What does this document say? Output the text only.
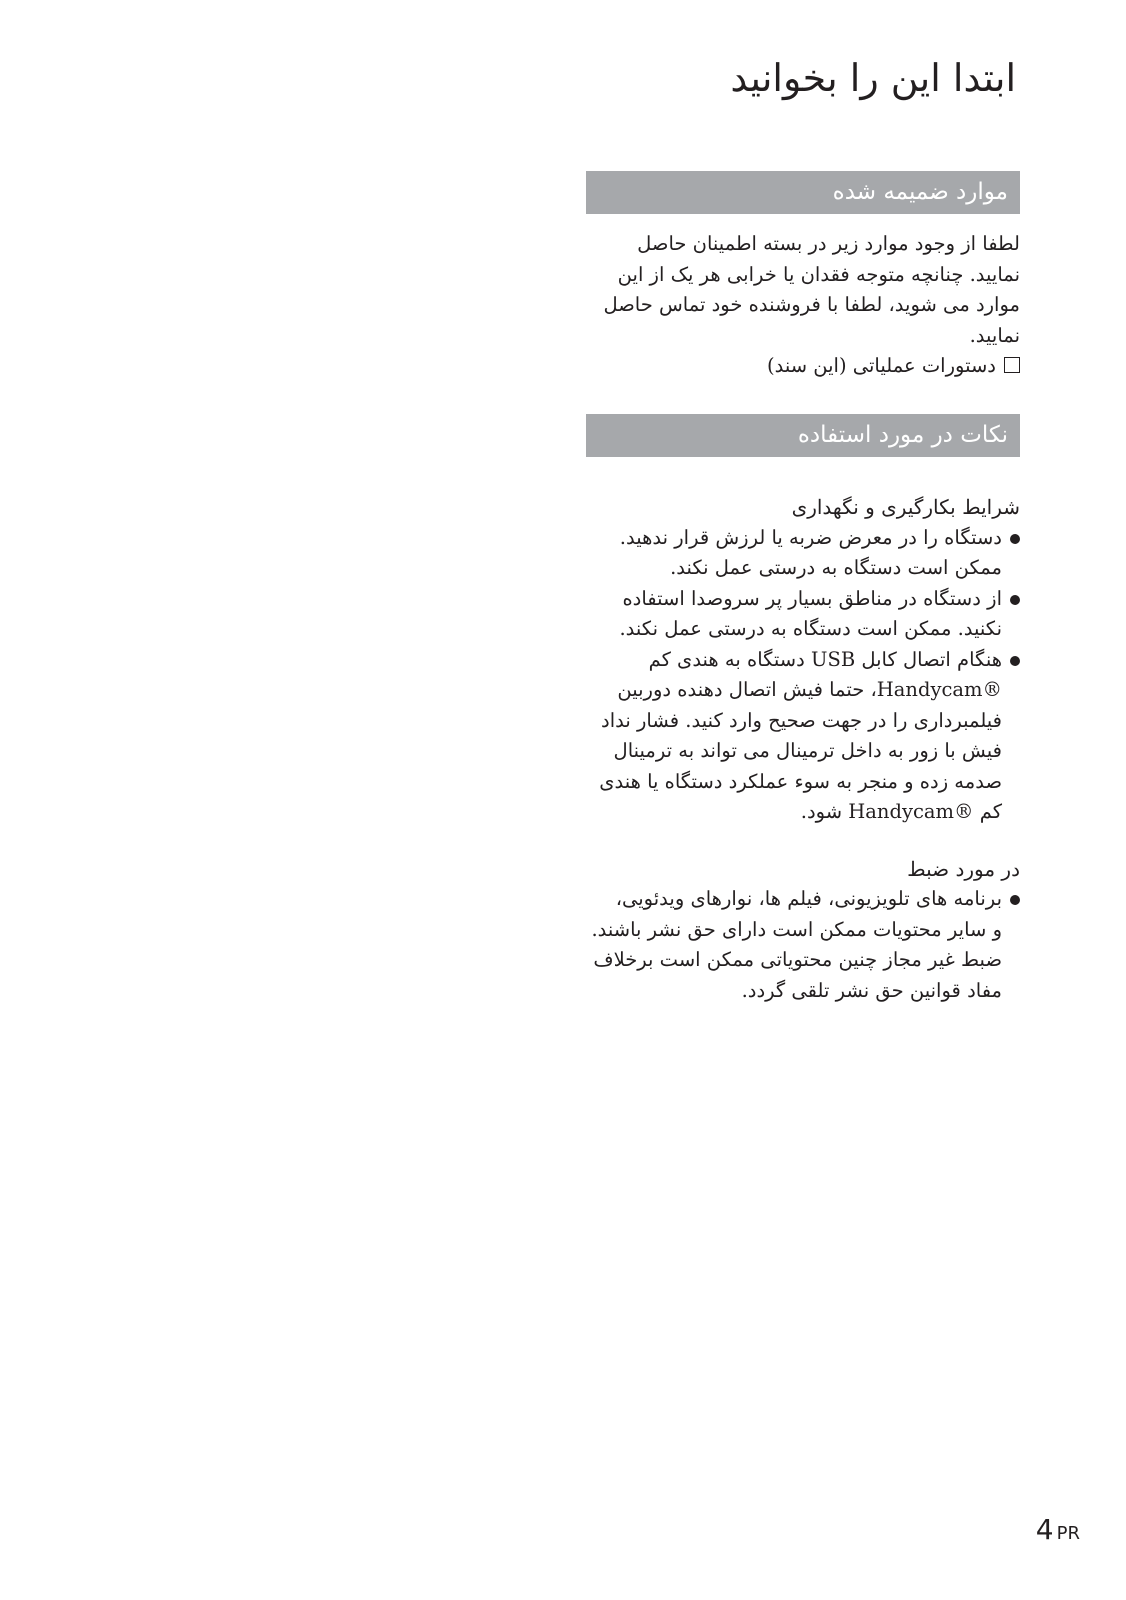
ابتدا این را بخوانید
موارد ضمیمه شده
لطفا از وجود موارد زیر در بسته اطمینان حاصل
نمایید. چنانچه متوجه فقدان یا خرابی هر یک از این
موارد می شوید، لطفا با فروشنده خود تماس حاصل
نمایید.
دستورات عملیاتی (این سند)
نکات در مورد استفاده
شرایط بکارگیری و نگهداری
دستگاه را در معرض ضربه یا لرزش قرار ندهید.
ممکن است دستگاه به درستی عمل نکند.
از دستگاه در مناطق بسیار پر سروصدا استفاده
نکنید. ممکن است دستگاه به درستی عمل نکند.
هنگام اتصال کابل USB دستگاه به هندی کم
®Handycam، حتما فیش اتصال دهنده دوربین
فیلمبرداری را در جهت صحیح وارد کنید. فشار نداد
فیش با زور به داخل ترمینال می تواند به ترمینال
صدمه زده و منجر به سوء عملکرد دستگاه یا هندی
کم ®Handycam شود.
در مورد ضبط
برنامه های تلویزیونی، فیلم ها، نوارهای ویدئویی،
و سایر محتویات ممکن است دارای حق نشر باشند.
ضبط غیر مجاز چنین محتویاتی ممکن است برخلاف
مفاد قوانین حق نشر تلقی گردد.
4 PR
